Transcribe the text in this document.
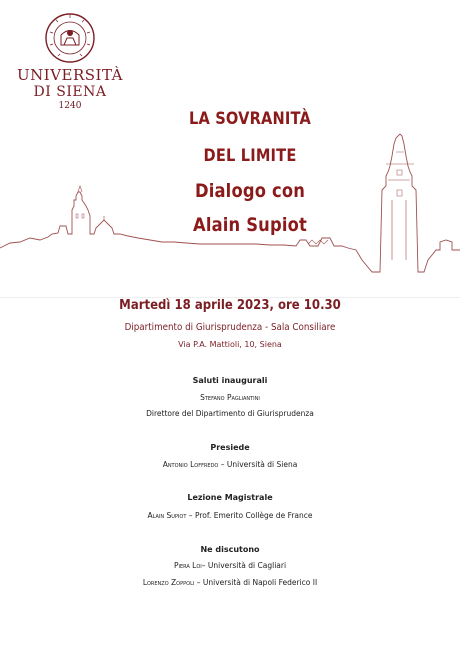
UNIVERSITÀ
DI SIENA
1240
LA SOVRANITÀ
DEL LIMITE
Dialogo con
Alain Supiot
Martedì 18 aprile 2023, ore 10.30
Dipartimento di Giurisprudenza - Sala Consiliare
Via P.A. Mattioli, 10, Siena
Saluti inaugurali
Stefano Pagliantini
Direttore del Dipartimento di Giurisprudenza
Presiede
Antonio Loffredo – Università di Siena
Lezione Magistrale
Alain Supiot – Prof. Emerito Collège de France
Ne discutono
Piera Loi– Università di Cagliari
Lorenzo Zoppoli – Università di Napoli Federico II
